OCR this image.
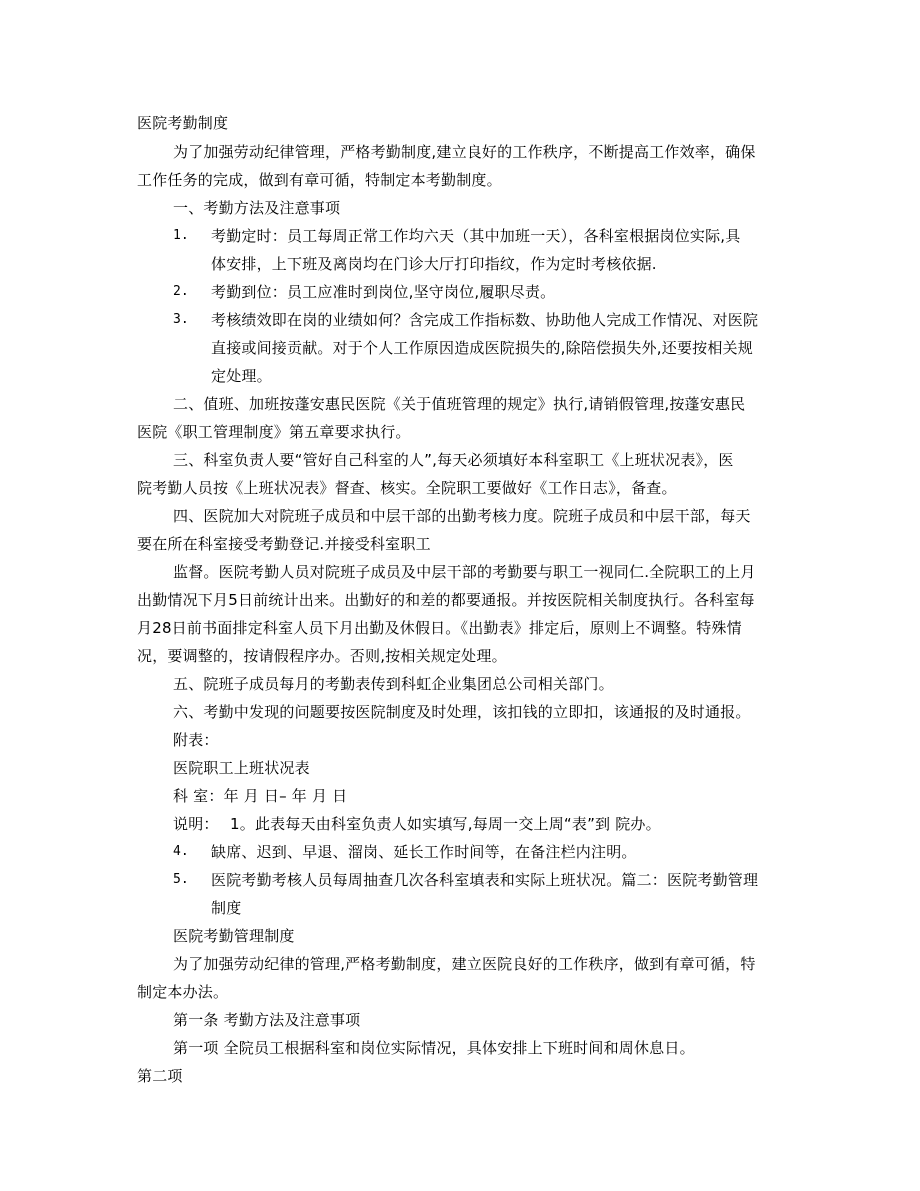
医院考勤制度
为了加强劳动纪律管理，严格考勤制度,建立良好的工作秩序，不断提高工作效率，确保
工作任务的完成，做到有章可循，特制定本考勤制度。
一、考勤方法及注意事项
1. 考勤定时：员工每周正常工作均六天（其中加班一天），各科室根据岗位实际,具
体安排，上下班及离岗均在门诊大厅打印指纹，作为定时考核依据.
2. 考勤到位：员工应准时到岗位,坚守岗位,履职尽责。
3. 考核绩效即在岗的业绩如何？含完成工作指标数、协助他人完成工作情况、对医院
直接或间接贡献。对于个人工作原因造成医院损失的,除陪偿损失外,还要按相关规
定处理。
二、值班、加班按蓬安惠民医院《关于值班管理的规定》执行,请销假管理,按蓬安惠民
医院《职工管理制度》第五章要求执行。
三、科室负责人要“管好自己科室的人”,每天必须填好本科室职工《上班状况表》，医
院考勤人员按《上班状况表》督查、核实。全院职工要做好《工作日志》，备查。
四、医院加大对院班子成员和中层干部的出勤考核力度。院班子成员和中层干部，每天
要在所在科室接受考勤登记.并接受科室职工
监督。医院考勤人员对院班子成员及中层干部的考勤要与职工一视同仁.全院职工的上月
出勤情况下月5日前统计出来。出勤好的和差的都要通报。并按医院相关制度执行。各科室每
月28日前书面排定科室人员下月出勤及休假日。《出勤表》排定后，原则上不调整。特殊情
况，要调整的，按请假程序办。否则,按相关规定处理。
五、院班子成员每月的考勤表传到科虹企业集团总公司相关部门。
六、考勤中发现的问题要按医院制度及时处理，该扣钱的立即扣，该通报的及时通报。
附表：
医院职工上班状况表
科 室：年 月 日– 年 月 日
说明： 1。此表每天由科室负责人如实填写,每周一交上周“表”到 院办。
4. 缺席、迟到、早退、溜岗、延长工作时间等，在备注栏内注明。
5. 医院考勤考核人员每周抽查几次各科室填表和实际上班状况。篇二：医院考勤管理
制度
医院考勤管理制度
为了加强劳动纪律的管理,严格考勤制度，建立医院良好的工作秩序，做到有章可循，特
制定本办法。
第一条 考勤方法及注意事项
第一项 全院员工根据科室和岗位实际情况，具体安排上下班时间和周休息日。
第二项
